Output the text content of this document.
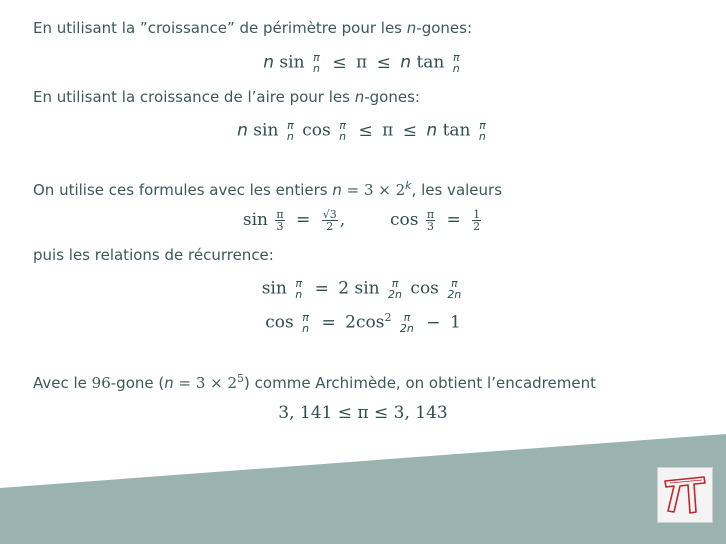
En utilisant la ”croissance” de périmètre pour les n-gones:
n sin π
n ≤ π ≤ n tan π
n
En utilisant la croissance de l’aire pour les n-gones:
n sin π
n cos π
n ≤ π ≤ n tan π
n
On utilise ces formules avec les entiers $n = 3 \times 2^k$, les valeurs
$\sin \frac{\pi}{3} = \frac{√3}{2}$ ,	$\cos \frac{\pi}{3} = \frac{1}{2}$
puis les relations de récurrence:
sin π
n = 2 sin	π
2n cos	π
2n
cos π
$n = 2\cos^2$	π
2n − 1
Avec le 96-gone $(n = 3 \times 2^5)$ comme Archimède, on obtient l’encadrement
3, 141 ≤ π ≤ 3, 143
